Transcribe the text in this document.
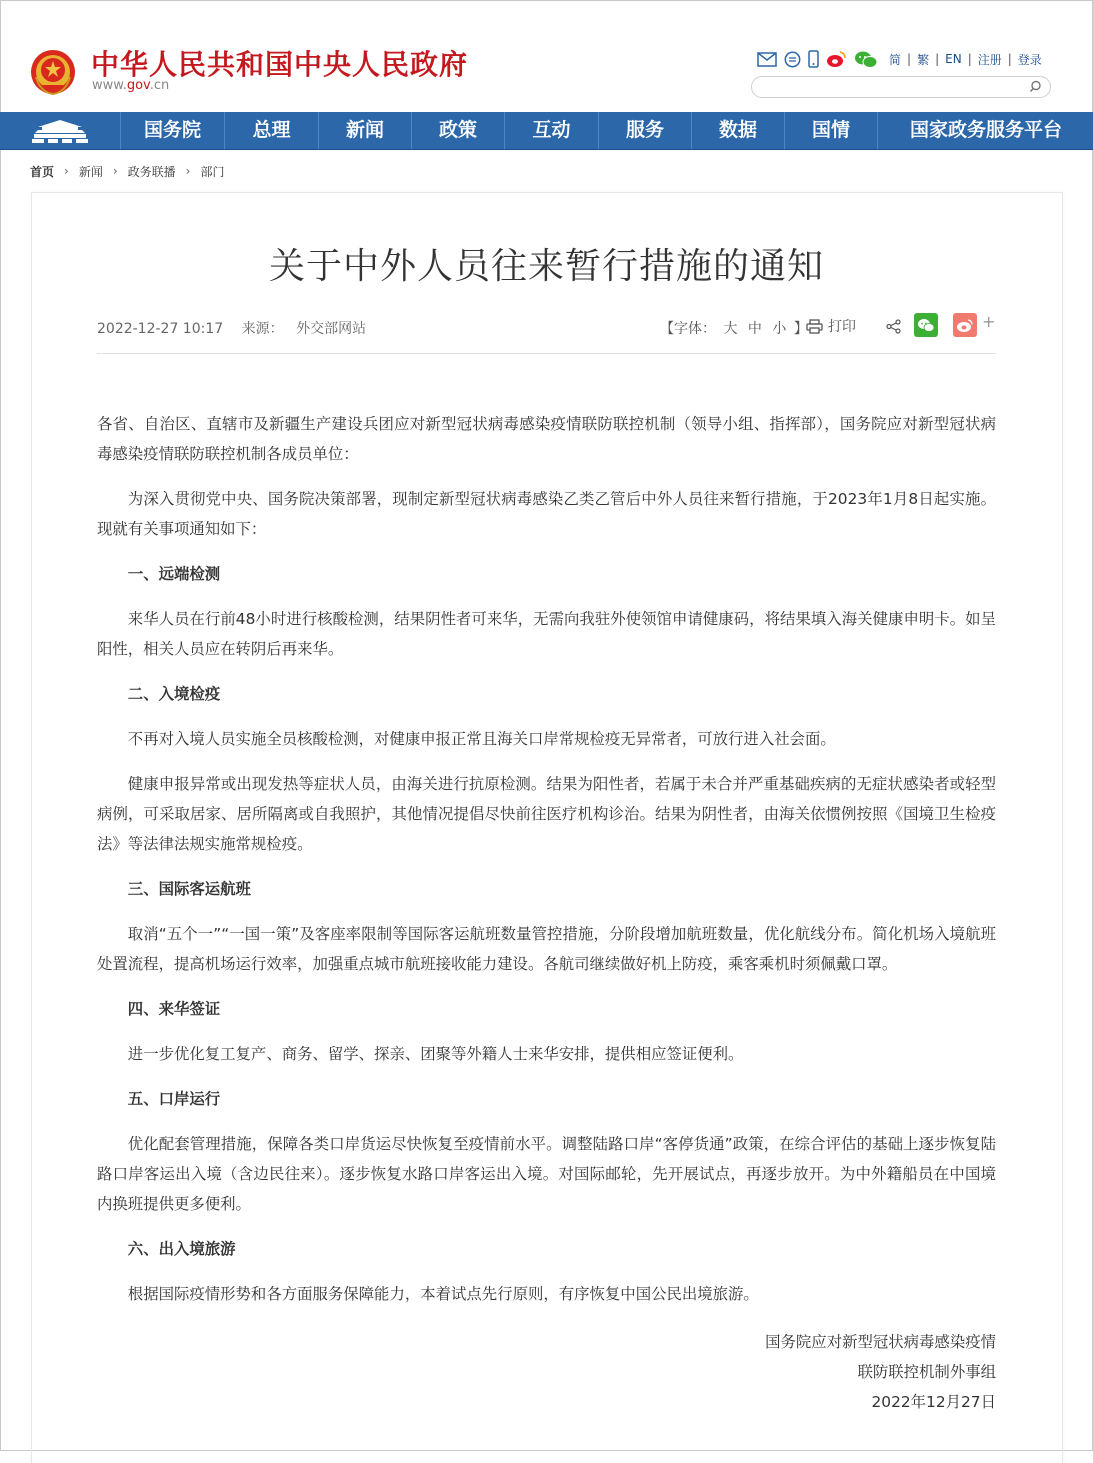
中华人民共和国中央人民政府
www.gov.cn
简 | 繁 | EN | 注册 | 登录
国务院	总理	新闻	政策	互动	服务	数据	国情	国家政务服务平台
首页 › 新闻 › 政务联播 › 部门
关于中外人员往来暂行措施的通知
2022-12-27 10:17 来源： 外交部网站	【字体： 大 中 小 】 打印	+

各省、自治区、直辖市及新疆生产建设兵团应对新型冠状病毒感染疫情联防联控机制（领导小组、指挥部），国务院应对新型冠状病毒感染疫情联防联控机制各成员单位：

为深入贯彻党中央、国务院决策部署，现制定新型冠状病毒感染乙类乙管后中外人员往来暂行措施，于2023年1月8日起实施。现就有关事项通知如下：

一、远端检测

来华人员在行前48小时进行核酸检测，结果阴性者可来华，无需向我驻外使领馆申请健康码，将结果填入海关健康申明卡。如呈阳性，相关人员应在转阴后再来华。

二、入境检疫

不再对入境人员实施全员核酸检测，对健康申报正常且海关口岸常规检疫无异常者，可放行进入社会面。

健康申报异常或出现发热等症状人员，由海关进行抗原检测。结果为阳性者，若属于未合并严重基础疾病的无症状感染者或轻型病例，可采取居家、居所隔离或自我照护，其他情况提倡尽快前往医疗机构诊治。结果为阴性者，由海关依惯例按照《国境卫生检疫法》等法律法规实施常规检疫。

三、国际客运航班

取消“五个一”“一国一策”及客座率限制等国际客运航班数量管控措施，分阶段增加航班数量，优化航线分布。简化机场入境航班处置流程，提高机场运行效率，加强重点城市航班接收能力建设。各航司继续做好机上防疫，乘客乘机时须佩戴口罩。

四、来华签证

进一步优化复工复产、商务、留学、探亲、团聚等外籍人士来华安排，提供相应签证便利。

五、口岸运行

优化配套管理措施，保障各类口岸货运尽快恢复至疫情前水平。调整陆路口岸“客停货通”政策，在综合评估的基础上逐步恢复陆路口岸客运出入境（含边民往来）。逐步恢复水路口岸客运出入境。对国际邮轮，先开展试点，再逐步放开。为中外籍船员在中国境内换班提供更多便利。

六、出入境旅游

根据国际疫情形势和各方面服务保障能力，本着试点先行原则，有序恢复中国公民出境旅游。

国务院应对新型冠状病毒感染疫情
联防联控机制外事组
2022年12月27日
